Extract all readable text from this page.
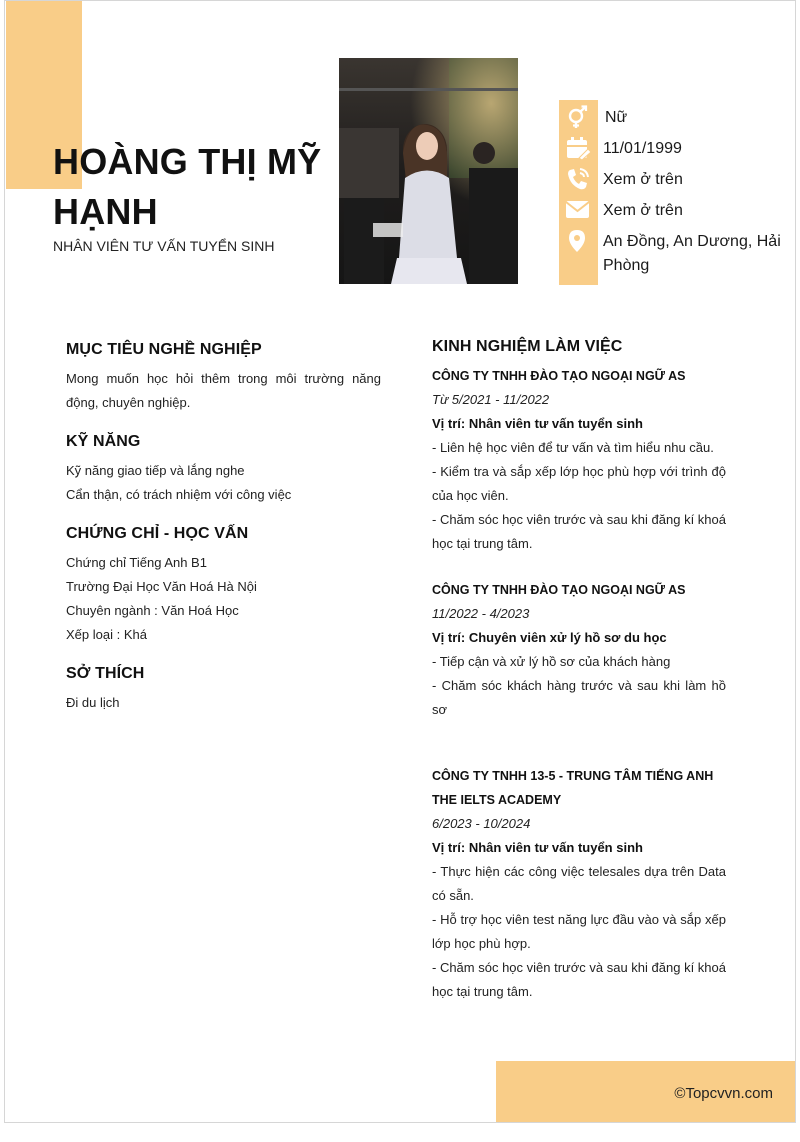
HOÀNG THỊ MỸ HẠNH
NHÂN VIÊN TƯ VẤN TUYỂN SINH
Nữ
11/01/1999
Xem ở trên
Xem ở trên
An Đồng, An Dương, Hải Phòng
MỤC TIÊU NGHỀ NGHIỆP
Mong muốn học hỏi thêm trong môi trường năng động, chuyên nghiệp.
KỸ NĂNG
Kỹ năng giao tiếp và lắng nghe
Cẩn thận, có trách nhiệm với công việc
CHỨNG CHỈ - HỌC VẤN
Chứng chỉ Tiếng Anh B1
Trường Đại Học Văn Hoá Hà Nội
Chuyên ngành : Văn Hoá Học
Xếp loại : Khá
SỞ THÍCH
Đi du lịch
KINH NGHIỆM LÀM VIỆC
CÔNG TY TNHH ĐÀO TẠO NGOẠI NGỮ AS
Từ 5/2021 - 11/2022
Vị trí: Nhân viên tư vấn tuyển sinh
- Liên hệ học viên để tư vấn và tìm hiểu nhu cầu.
- Kiểm tra và sắp xếp lớp học phù hợp với trình độ của học viên.
- Chăm sóc học viên trước và sau khi đăng kí khoá học tại trung tâm.
CÔNG TY TNHH ĐÀO TẠO NGOẠI NGỮ AS
11/2022 - 4/2023
Vị trí: Chuyên viên xử lý hồ sơ du học
- Tiếp cận và xử lý hồ sơ của khách hàng
- Chăm sóc khách hàng trước và sau khi làm hồ sơ
CÔNG TY TNHH 13-5 - TRUNG TÂM TIẾNG ANH THE IELTS ACADEMY
6/2023 - 10/2024
Vị trí: Nhân viên tư vấn tuyển sinh
- Thực hiện các công việc telesales dựa trên Data có sẵn.
- Hỗ trợ học viên test năng lực đầu vào và sắp xếp lớp học phù hợp.
- Chăm sóc học viên trước và sau khi đăng kí khoá học tại trung tâm.
©Topcvvn.com
